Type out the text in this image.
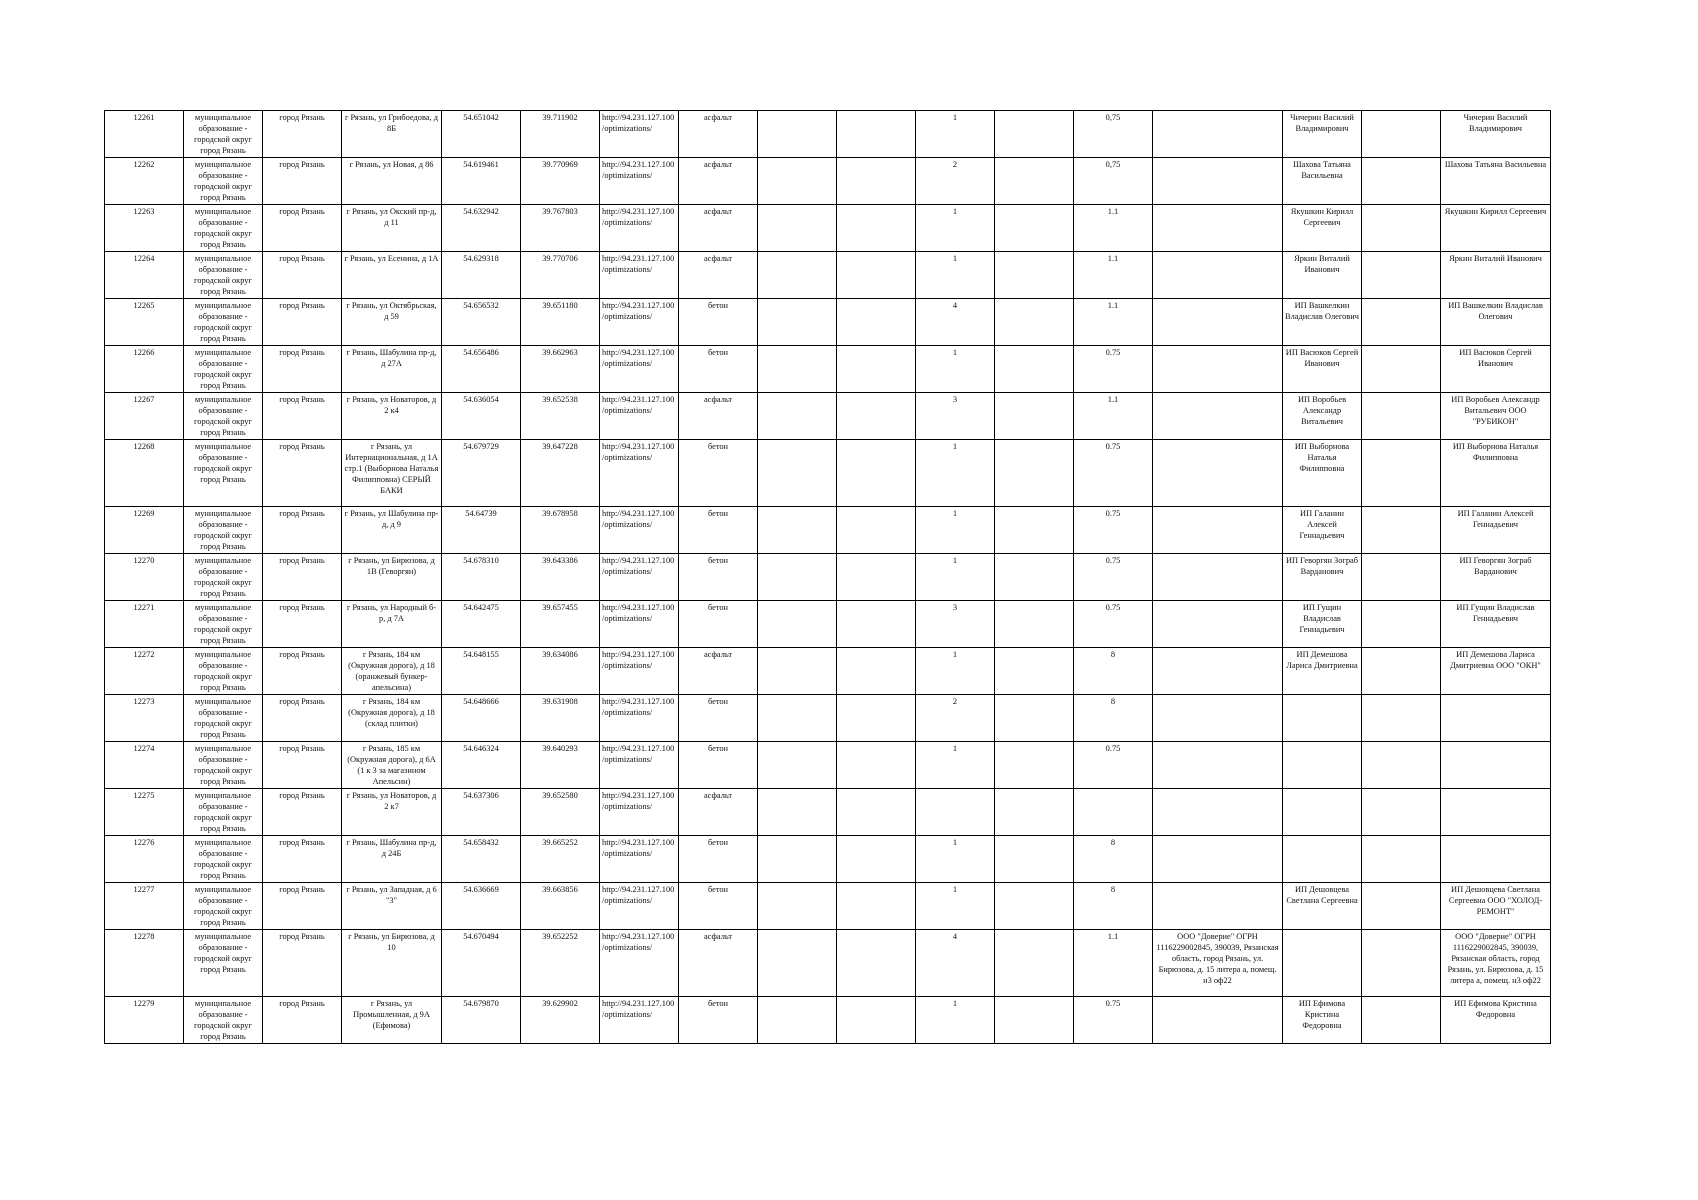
12261	муниципальное образование - городской округ город Рязань	город Рязань	г Рязань, ул Грибоедова, д 8Б	54.651042	39.711902	http://94.231.127.100/optimizations/	асфальт			1		0,75		Чичерин Василий Владимирович		Чичерин Василий Владимирович
12262	муниципальное образование - городской округ город Рязань	город Рязань	г Рязань, ул Новая, д 86	54.619461	39.770969	http://94.231.127.100/optimizations/	асфальт			2		0,75		Шахова Татьяна Васильевна		Шахова Татьяна Васильевна
12263	муниципальное образование - городской округ город Рязань	город Рязань	г Рязань, ул Окский пр-д, д 11	54.632942	39.767803	http://94.231.127.100/optimizations/	асфальт			1		1.1		Якушкин Кирилл Сергеевич		Якушкин Кирилл Сергеевич
12264	муниципальное образование - городской округ город Рязань	город Рязань	г Рязань, ул Есенина, д 1А	54.629318	39.770706	http://94.231.127.100/optimizations/	асфальт			1		1.1		Яркин Виталий Иванович		Яркин Виталий Иванович
12265	муниципальное образование - городской округ город Рязань	город Рязань	г Рязань, ул Октябрьская, д 59	54.656532	39.651180	http://94.231.127.100/optimizations/	бетон			4		1.1		ИП Вашкелкин Владислав Олегович		ИП Вашкелкин Владислав Олегович
12266	муниципальное образование - городской округ город Рязань	город Рязань	г Рязань, Шабулина пр-д, д 27А	54.656486	39.662963	http://94.231.127.100/optimizations/	бетон			1		0.75		ИП Васюков Сергей Иванович		ИП Васюков Сергей Иванович
12267	муниципальное образование - городской округ город Рязань	город Рязань	г Рязань, ул Новаторов, д 2 к4	54.636054	39.652538	http://94.231.127.100/optimizations/	асфальт			3		1.1		ИП Воробьев Александр Витальевич		ИП Воробьев Александр Витальевич ООО "РУБИКОН"
12268	муниципальное образование - городской округ город Рязань	город Рязань	г Рязань, ул Интернациональная, д 1А стр.1 (Выборнова Наталья Филипповна) СЕРЫЙ БАКИ	54.679729	39.647228	http://94.231.127.100/optimizations/	бетон			1		0.75		ИП Выборнова Наталья Филипповна		ИП Выборнова Наталья Филипповна
12269	муниципальное образование - городской округ город Рязань	город Рязань	г Рязань, ул Шабулина пр-д, д 9	54.64739	39.678958	http://94.231.127.100/optimizations/	бетон			1		0.75		ИП Галанин Алексей Геннадьевич		ИП Галанин Алексей Геннадьевич
12270	муниципальное образование - городской округ город Рязань	город Рязань	г Рязань, ул Бирюзова, д 1В (Геворгян)	54.678310	39.643386	http://94.231.127.100/optimizations/	бетон			1		0.75		ИП Геворгян Зограб Варданович		ИП Геворгян Зограб Варданович
12271	муниципальное образование - городской округ город Рязань	город Рязань	г Рязань, ул Народный б-р, д 7А	54.642475	39.657455	http://94.231.127.100/optimizations/	бетон			3		0.75		ИП Гущин Владислав Геннадьевич		ИП Гущин Владислав Геннадьевич
12272	муниципальное образование - городской округ город Рязань	город Рязань	г Рязань, 184 км (Окружная дорога), д 18 (оранжевый бункер-апельсина)	54.648155	39.634086	http://94.231.127.100/optimizations/	асфальт			1		8		ИП Демешова Лариса Дмитриевна		ИП Демешова Лариса Дмитриевна ООО "ОКН"
12273	муниципальное образование - городской округ город Рязань	город Рязань	г Рязань, 184 км (Окружная дорога), д 18 (склад плитки)	54.648666	39.631908	http://94.231.127.100/optimizations/	бетон			2		8				
12274	муниципальное образование - городской округ город Рязань	город Рязань	г Рязань, 185 км (Окружная дорога), д 6А (1 к 3 за магазином Апельсин)	54.646324	39.640293	http://94.231.127.100/optimizations/	бетон			1		0.75				
12275	муниципальное образование - городской округ город Рязань	город Рязань	г Рязань, ул Новаторов, д 2 к7	54.637306	39.652580	http://94.231.127.100/optimizations/	асфальт									
12276	муниципальное образование - городской округ город Рязань	город Рязань	г Рязань, Шабулина пр-д, д 24Б	54.658432	39.665252	http://94.231.127.100/optimizations/	бетон			1		8				
12277	муниципальное образование - городской округ город Рязань	город Рязань	г Рязань, ул Западная, д 6 "3"	54.636669	39.663856	http://94.231.127.100/optimizations/	бетон			1		8		ИП Дешовцева Светлана Сергеевна		ИП Дешовцева Светлана Сергеевна ООО "ХОЛОД-РЕМОНТ"
12278	муниципальное образование - городской округ город Рязань	город Рязань	г Рязань, ул Бирюзова, д 10	54.670494	39.652252	http://94.231.127.100/optimizations/	асфальт			4		1.1	ООО "Доверие" ОГРН 1116229002845, 390039, Рязанская область, город Рязань, ул. Бирюзова, д. 15 литера а, помещ. н3 оф22			ООО "Доверие" ОГРН 1116229002845, 390039, Рязанская область, город Рязань, ул. Бирюзова, д. 15 литера а, помещ. н3 оф22
12279	муниципальное образование - городской округ город Рязань	город Рязань	г Рязань, ул Промышленная, д 9А (Ефимова)	54.679870	39.629902	http://94.231.127.100/optimizations/	бетон			1		0.75		ИП Ефимова Кристина Федоровна		ИП Ефимова Кристина Федоровна
